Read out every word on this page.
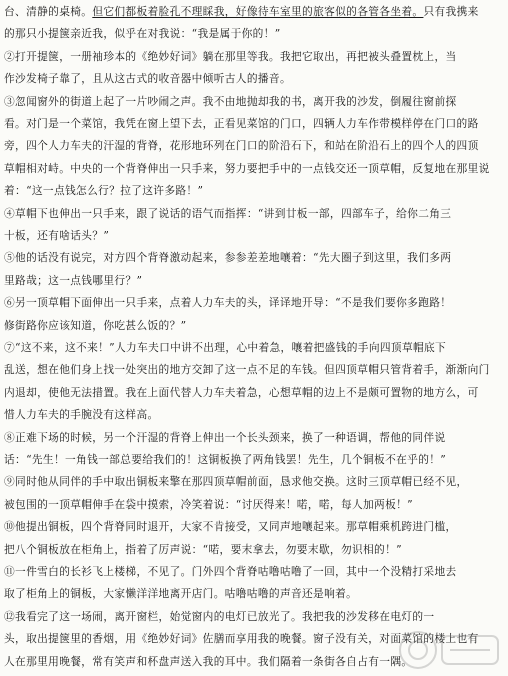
台、清静的桌椅。但它们都板着脸孔不理睬我，好像待车室里的旅客似的各管各坐着。只有我携来
的那只小提箧亲近我，似乎在对我说：“我是属于你的！”
②打开提箧，一册袖珍本的《绝妙好词》躺在那里等我。我把它取出，再把被头叠置枕上，当
作沙发椅子靠了，且从这古式的收音器中倾听古人的播音。
③忽闻窗外的街道上起了一片吵闹之声。我不由地抛却我的书，离开我的沙发，倒履往窗前探
看。对门是一个菜馆，我凭在窗上望下去，正看见菜馆的门口，四辆人力车作带模样停在门口的路
旁，四个人力车夫的汗湿的背脊，花形地环列在门口的阶沿石下，和站在阶沿石上的四个人的四顶
草帽相对峙。中央的一个背脊伸出一只手来，努力要把手中的一点钱交还一顶草帽，反复地在那里说
着：“这一点钱怎么行？拉了这许多路！”
④草帽下也伸出一只手来，跟了说话的语气而指挥：“讲到廿板一部，四部车子，给你二角三
十板，还有啥话头？”
⑤他的话没有说完，对方四个背脊激动起来，参参差差地嚷着：“先大圈子到这里，我们多两
里路哉；这一点钱哪里行？”
⑥另一顶草帽下面伸出一只手来，点着人力车夫的头，译译地开导：“不是我们要你多跑路！
修街路你应该知道，你吃甚么饭的？”
⑦“这不来，这不来！”人力车夫口中讲不出理，心中着急，嚷着把盛钱的手向四顶草帽底下
乱送，想在他们身上找一处突出的地方交卸了这一点不足的车钱。但四顶草帽只管背着手，渐渐向门
内退却，使他无法措置。我在上面代替人力车夫着急，心想草帽的边上不是颇可置物的地方么，可
惜人力车夫的手腕没有这样高。
⑧正难下场的时候，另一个汗湿的背脊上伸出一个长头颈来，换了一种语调，帮他的同伴说
话：“先生！一角钱一部总要给我们的！这铜板换了两角钱罢！先生，几个铜板不在乎的！”
⑨同时他从同伴的手中取出铜板来擎在那四顶草帽前面，恳求他交换。这时三顶草帽已经不见，
被包围的一顶草帽伸手在袋中摸索，冷笑着说：“讨厌得来！喏，喏，每人加两板！”
⑩他提出铜板，四个背脊同时退开，大家不肯接受，又同声地嚷起来。那草帽乘机跨进门槛，
把八个铜板放在柜角上，指着了厉声说：“喏，要末拿去，勿要末歇，勿识相的！”
⑪一件雪白的长衫飞上楼梯，不见了。门外四个背脊咕噜咕噜了一回，其中一个没精打采地去
取了柜角上的铜板，大家懒洋洋地离开店门。咕噜咕噜的声音还是响着。
⑫我看完了这一场闹，离开窗栏，始觉窗内的电灯已放光了。我把我的沙发移在电灯的一
头，取出提箧里的香烟，用《绝妙好词》佐膳而享用我的晚餐。窗子没有关，对面菜馆的楼上也有
人在那里用晚餐，常有笑声和杯盘声送入我的耳中。我们隔着一条街各自占有一隅。
